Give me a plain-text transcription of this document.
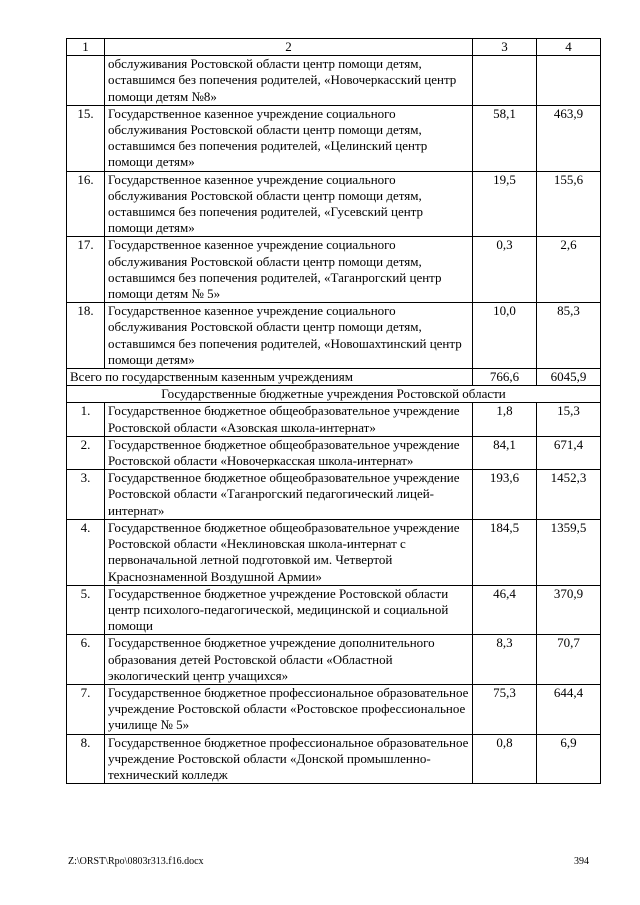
1	2	3	4
	обслуживания Ростовской области центр помощи детям, оставшимся без попечения родителей, «Новочеркасский центр помощи детям №8»		
15.	Государственное казенное учреждение социального обслуживания Ростовской области центр помощи детям, оставшимся без попечения родителей, «Целинский центр помощи детям»	58,1	463,9
16.	Государственное казенное учреждение социального обслуживания Ростовской области центр помощи детям, оставшимся без попечения родителей, «Гусевский центр помощи детям»	19,5	155,6
17.	Государственное казенное учреждение социального обслуживания Ростовской области центр помощи детям, оставшимся без попечения родителей, «Таганрогский центр помощи детям № 5»	0,3	2,6
18.	Государственное казенное учреждение социального обслуживания Ростовской области центр помощи детям, оставшимся без попечения родителей, «Новошахтинский центр помощи детям»	10,0	85,3
Всего по государственным казенным учреждениям		766,6	6045,9
Государственные бюджетные учреждения Ростовской области			
1.	Государственное бюджетное общеобразовательное учреждение Ростовской области «Азовская школа-интернат»	1,8	15,3
2.	Государственное бюджетное общеобразовательное учреждение Ростовской области «Новочеркасская школа-интернат»	84,1	671,4
3.	Государственное бюджетное общеобразовательное учреждение Ростовской области «Таганрогский педагогический лицей-интернат»	193,6	1452,3
4.	Государственное бюджетное общеобразовательное учреждение Ростовской области «Неклиновская школа-интернат с первоначальной летной подготовкой им. Четвертой Краснознаменной Воздушной Армии»	184,5	1359,5
5.	Государственное бюджетное учреждение Ростовской области центр психолого-педагогической, медицинской и социальной помощи	46,4	370,9
6.	Государственное бюджетное учреждение дополнительного образования детей Ростовской области «Областной экологический центр учащихся»	8,3	70,7
7.	Государственное бюджетное профессиональное образовательное учреждение Ростовской области «Ростовское профессиональное училище № 5»	75,3	644,4
8.	Государственное бюджетное профессиональное образовательное учреждение Ростовской области «Донской промышленно-технический колледж	0,8	6,9
Z:\ORST\Rpo\0803r313.f16.docx	394
